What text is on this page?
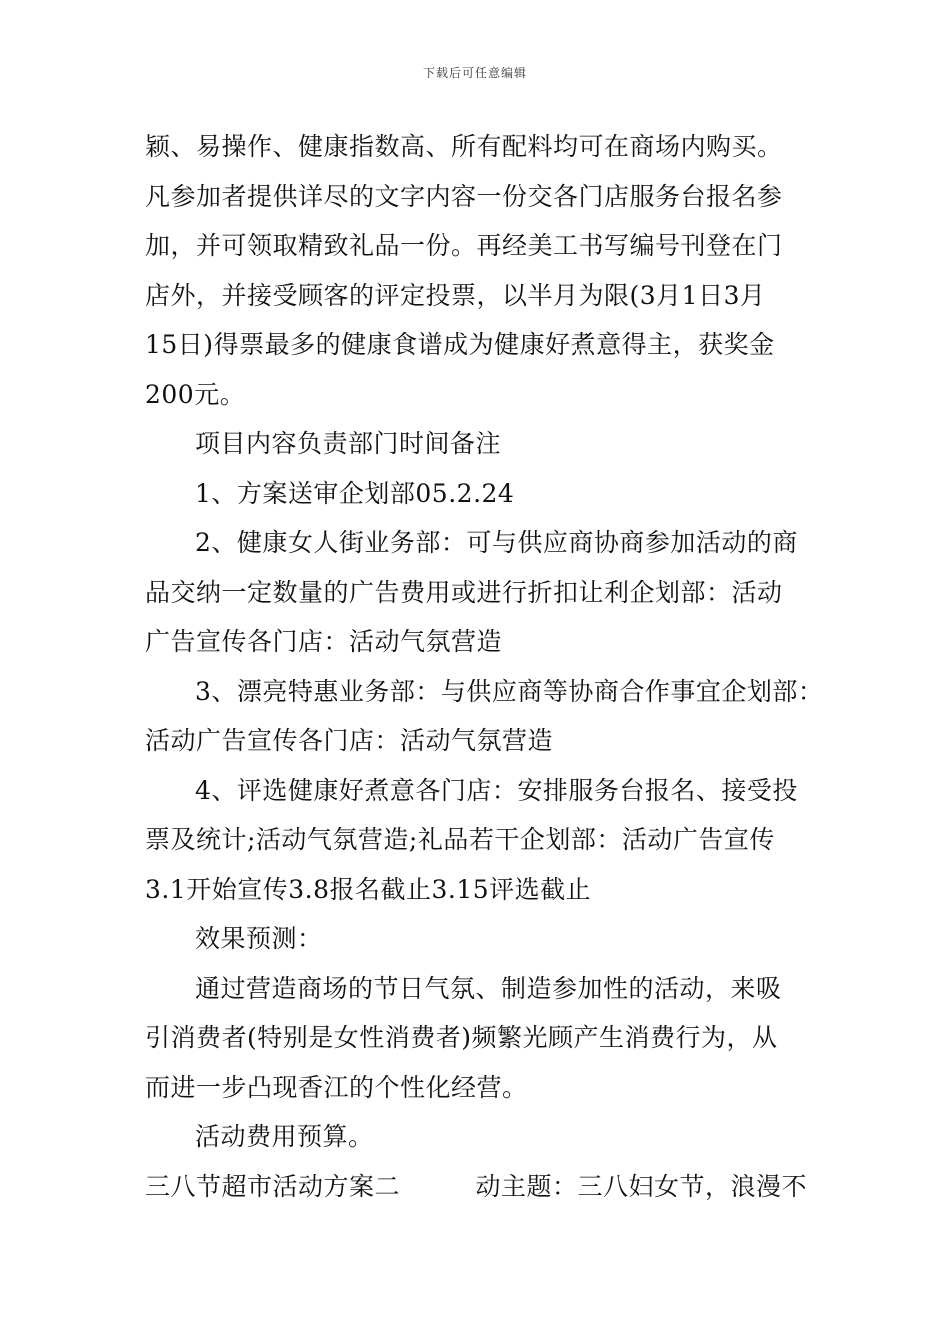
下载后可任意编辑
颖、易操作、健康指数高、所有配料均可在商场内购买。
凡参加者提供详尽的文字内容一份交各门店服务台报名参
加，并可领取精致礼品一份。再经美工书写编号刊登在门
店外，并接受顾客的评定投票，以半月为限(3月1日3月
15日)得票最多的健康食谱成为健康好煮意得主，获奖金
200元。
项目内容负责部门时间备注
1、方案送审企划部05.2.24
2、健康女人街业务部：可与供应商协商参加活动的商
品交纳一定数量的广告费用或进行折扣让利企划部：活动
广告宣传各门店：活动气氛营造
3、漂亮特惠业务部：与供应商等协商合作事宜企划部：
活动广告宣传各门店：活动气氛营造
4、评选健康好煮意各门店：安排服务台报名、接受投
票及统计;活动气氛营造;礼品若干企划部：活动广告宣传
3.1开始宣传3.8报名截止3.15评选截止
效果预测：
通过营造商场的节日气氛、制造参加性的活动，来吸
引消费者(特别是女性消费者)频繁光顾产生消费行为，从
而进一步凸现香江的个性化经营。
活动费用预算。
三八节超市活动方案二	动主题：三八妇女节，浪漫不
